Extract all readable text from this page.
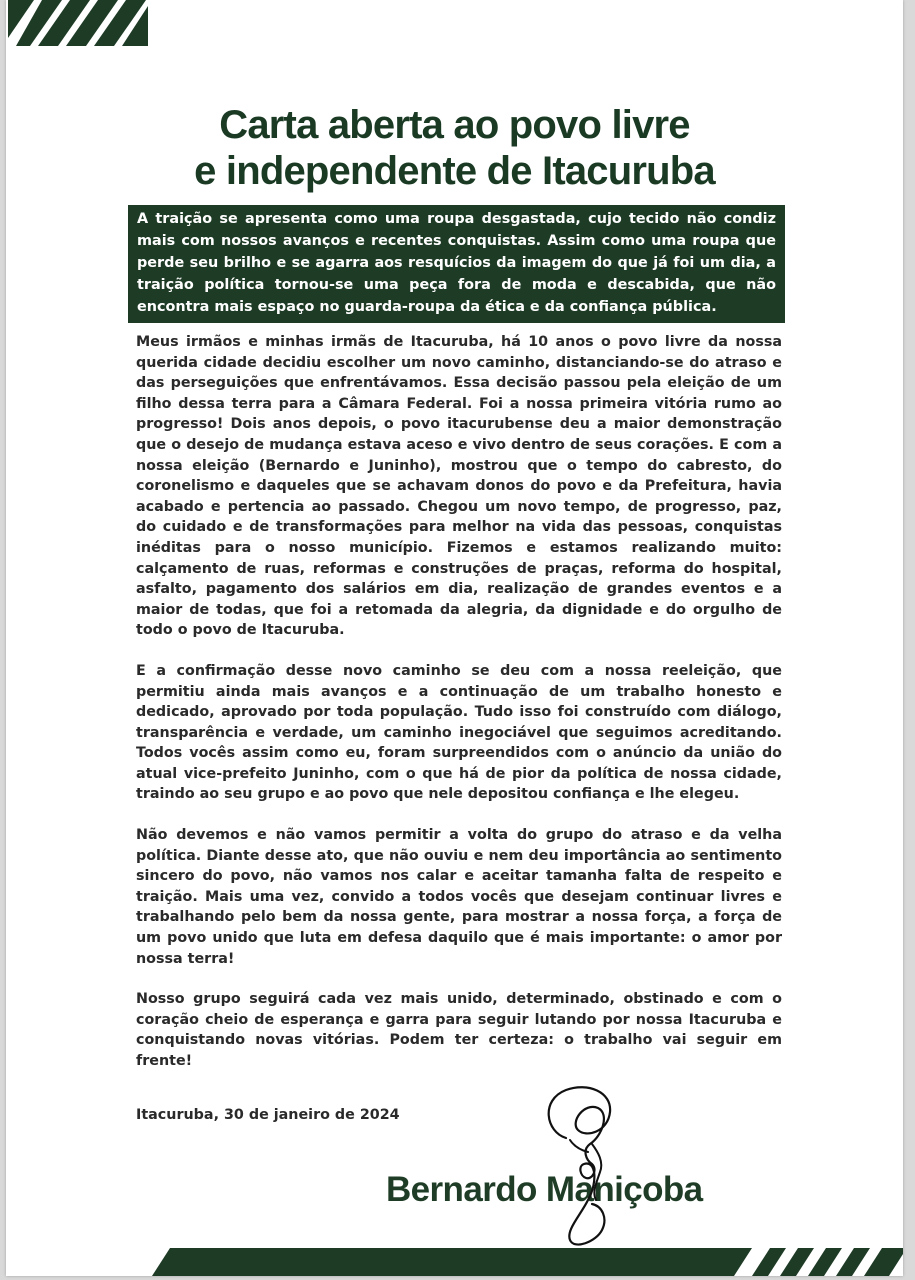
Carta aberta ao povo livre
e independente de Itacuruba
A traição se apresenta como uma roupa desgastada, cujo tecido não condiz mais com nossos avanços e recentes conquistas. Assim como uma roupa que perde seu brilho e se agarra aos resquícios da imagem do que já foi um dia, a traição política tornou-se uma peça fora de moda e descabida, que não encontra mais espaço no guarda-roupa da ética e da confiança pública.

Meus irmãos e minhas irmãs de Itacuruba, há 10 anos o povo livre da nossa querida cidade decidiu escolher um novo caminho, distanciando-se do atraso e das perseguições que enfrentávamos. Essa decisão passou pela eleição de um filho dessa terra para a Câmara Federal. Foi a nossa primeira vitória rumo ao progresso! Dois anos depois, o povo itacurubense deu a maior demonstração que o desejo de mudança estava aceso e vivo dentro de seus corações. E com a nossa eleição (Bernardo e Juninho), mostrou que o tempo do cabresto, do coronelismo e daqueles que se achavam donos do povo e da Prefeitura, havia acabado e pertencia ao passado. Chegou um novo tempo, de progresso, paz, do cuidado e de transformações para melhor na vida das pessoas, conquistas inéditas para o nosso município. Fizemos e estamos realizando muito: calçamento de ruas, reformas e construções de praças, reforma do hospital, asfalto, pagamento dos salários em dia, realização de grandes eventos e a maior de todas, que foi a retomada da alegria, da dignidade e do orgulho de todo o povo de Itacuruba.

E a confirmação desse novo caminho se deu com a nossa reeleição, que permitiu ainda mais avanços e a continuação de um trabalho honesto e dedicado, aprovado por toda população. Tudo isso foi construído com diálogo, transparência e verdade, um caminho inegociável que seguimos acreditando. Todos vocês assim como eu, foram surpreendidos com o anúncio da união do atual vice-prefeito Juninho, com o que há de pior da política de nossa cidade, traindo ao seu grupo e ao povo que nele depositou confiança e lhe elegeu.

Não devemos e não vamos permitir a volta do grupo do atraso e da velha política. Diante desse ato, que não ouviu e nem deu importância ao sentimento sincero do povo, não vamos nos calar e aceitar tamanha falta de respeito e traição. Mais uma vez, convido a todos vocês que desejam continuar livres e trabalhando pelo bem da nossa gente, para mostrar a nossa força, a força de um povo unido que luta em defesa daquilo que é mais importante: o amor por nossa terra!

Nosso grupo seguirá cada vez mais unido, determinado, obstinado e com o coração cheio de esperança e garra para seguir lutando por nossa Itacuruba e conquistando novas vitórias. Podem ter certeza: o trabalho vai seguir em frente!

Itacuruba, 30 de janeiro de 2024
Bernardo Maniçoba
